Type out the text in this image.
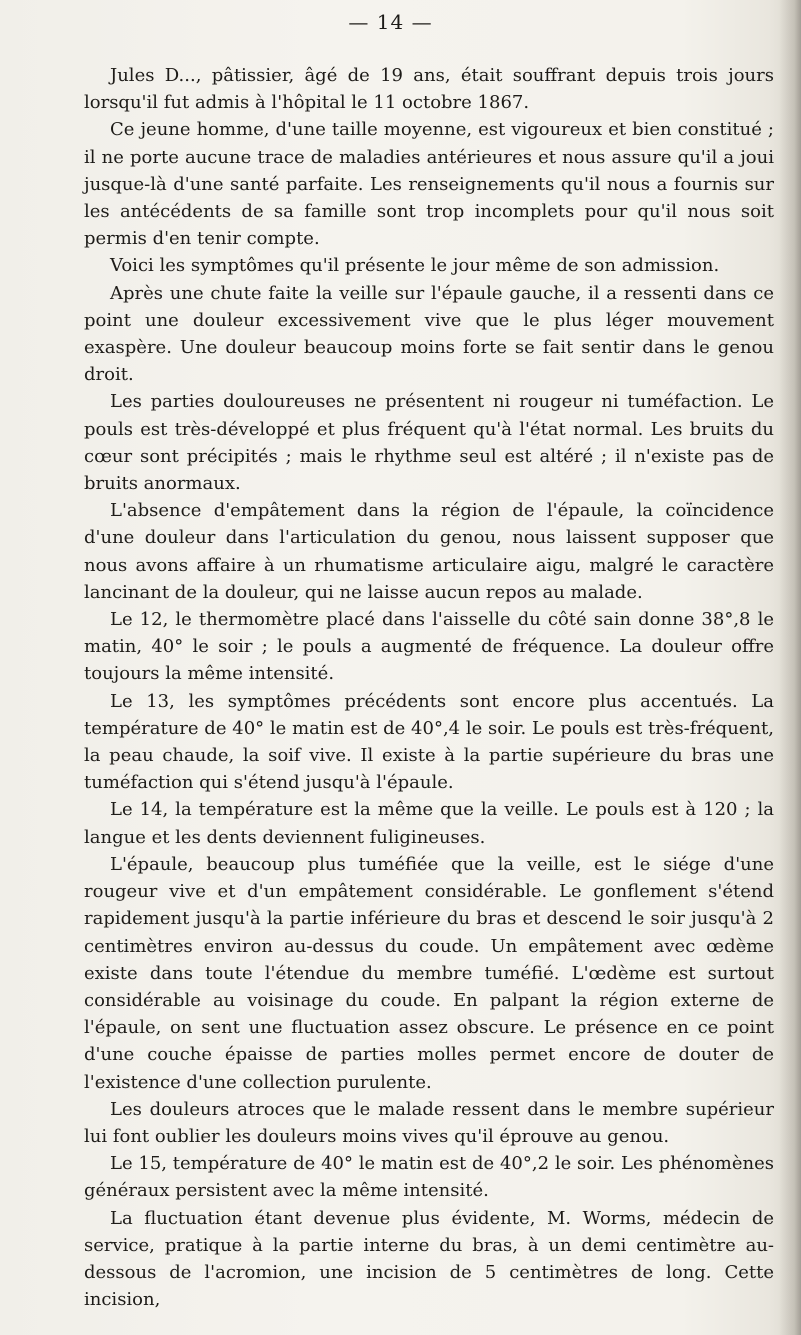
— 14 —

Jules D..., pâtissier, âgé de 19 ans, était souffrant depuis trois jours lorsqu'il fut admis à l'hôpital le 11 octobre 1867.

Ce jeune homme, d'une taille moyenne, est vigoureux et bien constitué ; il ne porte aucune trace de maladies antérieures et nous assure qu'il a joui jusque-là d'une santé parfaite. Les renseignements qu'il nous a fournis sur les antécédents de sa famille sont trop incomplets pour qu'il nous soit permis d'en tenir compte.

Voici les symptômes qu'il présente le jour même de son admission.

Après une chute faite la veille sur l'épaule gauche, il a ressenti dans ce point une douleur excessivement vive que le plus léger mouvement exaspère. Une douleur beaucoup moins forte se fait sentir dans le genou droit.

Les parties douloureuses ne présentent ni rougeur ni tuméfaction. Le pouls est très-développé et plus fréquent qu'à l'état normal. Les bruits du cœur sont précipités ; mais le rhythme seul est altéré ; il n'existe pas de bruits anormaux.

L'absence d'empâtement dans la région de l'épaule, la coïncidence d'une douleur dans l'articulation du genou, nous laissent supposer que nous avons affaire à un rhumatisme articulaire aigu, malgré le caractère lancinant de la douleur, qui ne laisse aucun repos au malade.

Le 12, le thermomètre placé dans l'aisselle du côté sain donne 38°,8 le matin, 40° le soir ; le pouls a augmenté de fréquence. La douleur offre toujours la même intensité.

Le 13, les symptômes précédents sont encore plus accentués. La température de 40° le matin est de 40°,4 le soir. Le pouls est très-fréquent, la peau chaude, la soif vive. Il existe à la partie supérieure du bras une tuméfaction qui s'étend jusqu'à l'épaule.

Le 14, la température est la même que la veille. Le pouls est à 120 ; la langue et les dents deviennent fuligineuses.

L'épaule, beaucoup plus tuméfiée que la veille, est le siége d'une rougeur vive et d'un empâtement considérable. Le gonflement s'étend rapidement jusqu'à la partie inférieure du bras et descend le soir jusqu'à 2 centimètres environ au-dessus du coude. Un empâtement avec œdème existe dans toute l'étendue du membre tuméfié. L'œdème est surtout considérable au voisinage du coude. En palpant la région externe de l'épaule, on sent une fluctuation assez obscure. Le présence en ce point d'une couche épaisse de parties molles permet encore de douter de l'existence d'une collection purulente.

Les douleurs atroces que le malade ressent dans le membre supérieur lui font oublier les douleurs moins vives qu'il éprouve au genou.

Le 15, température de 40° le matin est de 40°,2 le soir. Les phénomènes généraux persistent avec la même intensité.

La fluctuation étant devenue plus évidente, M. Worms, médecin de service, pratique à la partie interne du bras, à un demi centimètre au-dessous de l'acromion, une incision de 5 centimètres de long. Cette incision,
